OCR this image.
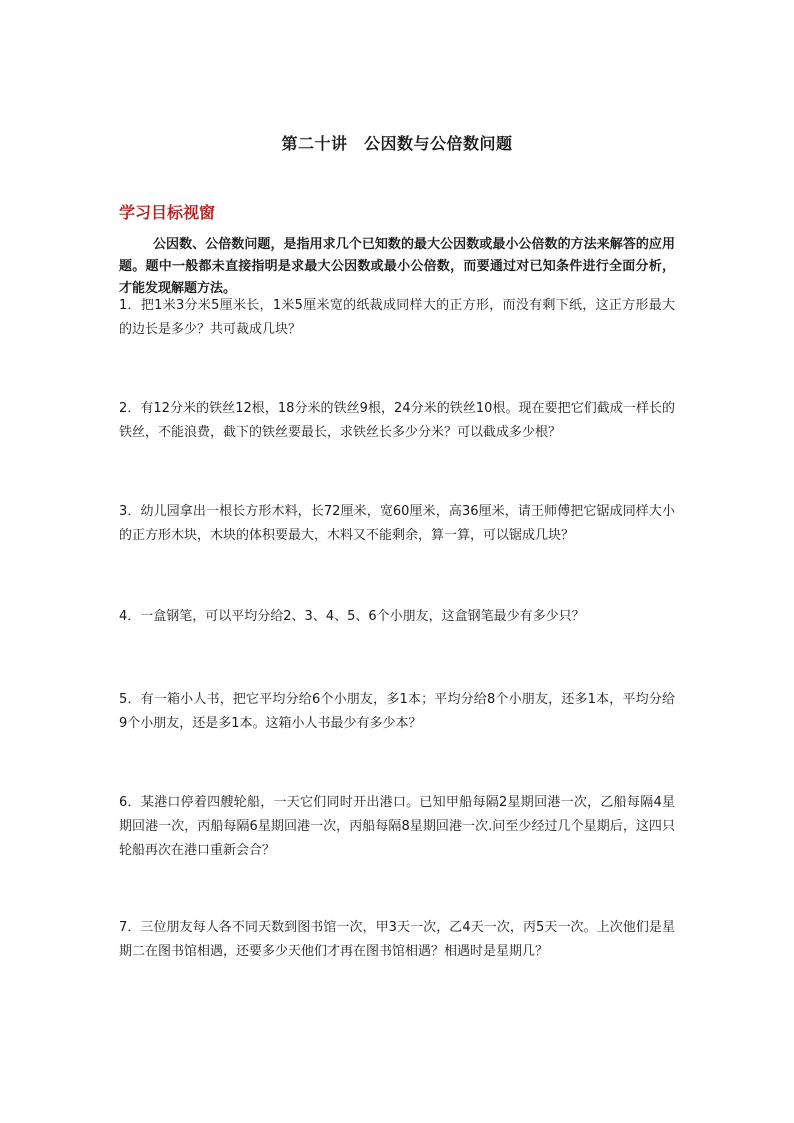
第二十讲　公因数与公倍数问题
学习目标视窗
公因数、公倍数问题，是指用求几个已知数的最大公因数或最小公倍数的方法来解答的应用题。题中一般都未直接指明是求最大公因数或最小公倍数，而要通过对已知条件进行全面分析，才能发现解题方法。
1．把1米3分米5厘米长，1米5厘米宽的纸裁成同样大的正方形，而没有剩下纸，这正方形最大的边长是多少？共可裁成几块？
2．有12分米的铁丝12根，18分米的铁丝9根，24分米的铁丝10根。现在要把它们截成一样长的铁丝，不能浪费，截下的铁丝要最长，求铁丝长多少分米？可以截成多少根？
3．幼儿园拿出一根长方形木料，长72厘米，宽60厘米，高36厘米，请王师傅把它锯成同样大小的正方形木块，木块的体积要最大，木料又不能剩余，算一算，可以锯成几块？
4．一盒钢笔，可以平均分给2、3、4、5、6个小朋友，这盒钢笔最少有多少只？
5．有一箱小人书，把它平均分给6个小朋友，多1本；平均分给8个小朋友，还多1本，平均分给9个小朋友，还是多1本。这箱小人书最少有多少本？
6．某港口停着四艘轮船，一天它们同时开出港口。已知甲船每隔2星期回港一次，乙船每隔4星期回港一次，丙船每隔6星期回港一次，丙船每隔8星期回港一次.问至少经过几个星期后，这四只轮船再次在港口重新会合？
7．三位朋友每人各不同天数到图书馆一次，甲3天一次，乙4天一次，丙5天一次。上次他们是星期二在图书馆相遇，还要多少天他们才再在图书馆相遇？相遇时是星期几？
